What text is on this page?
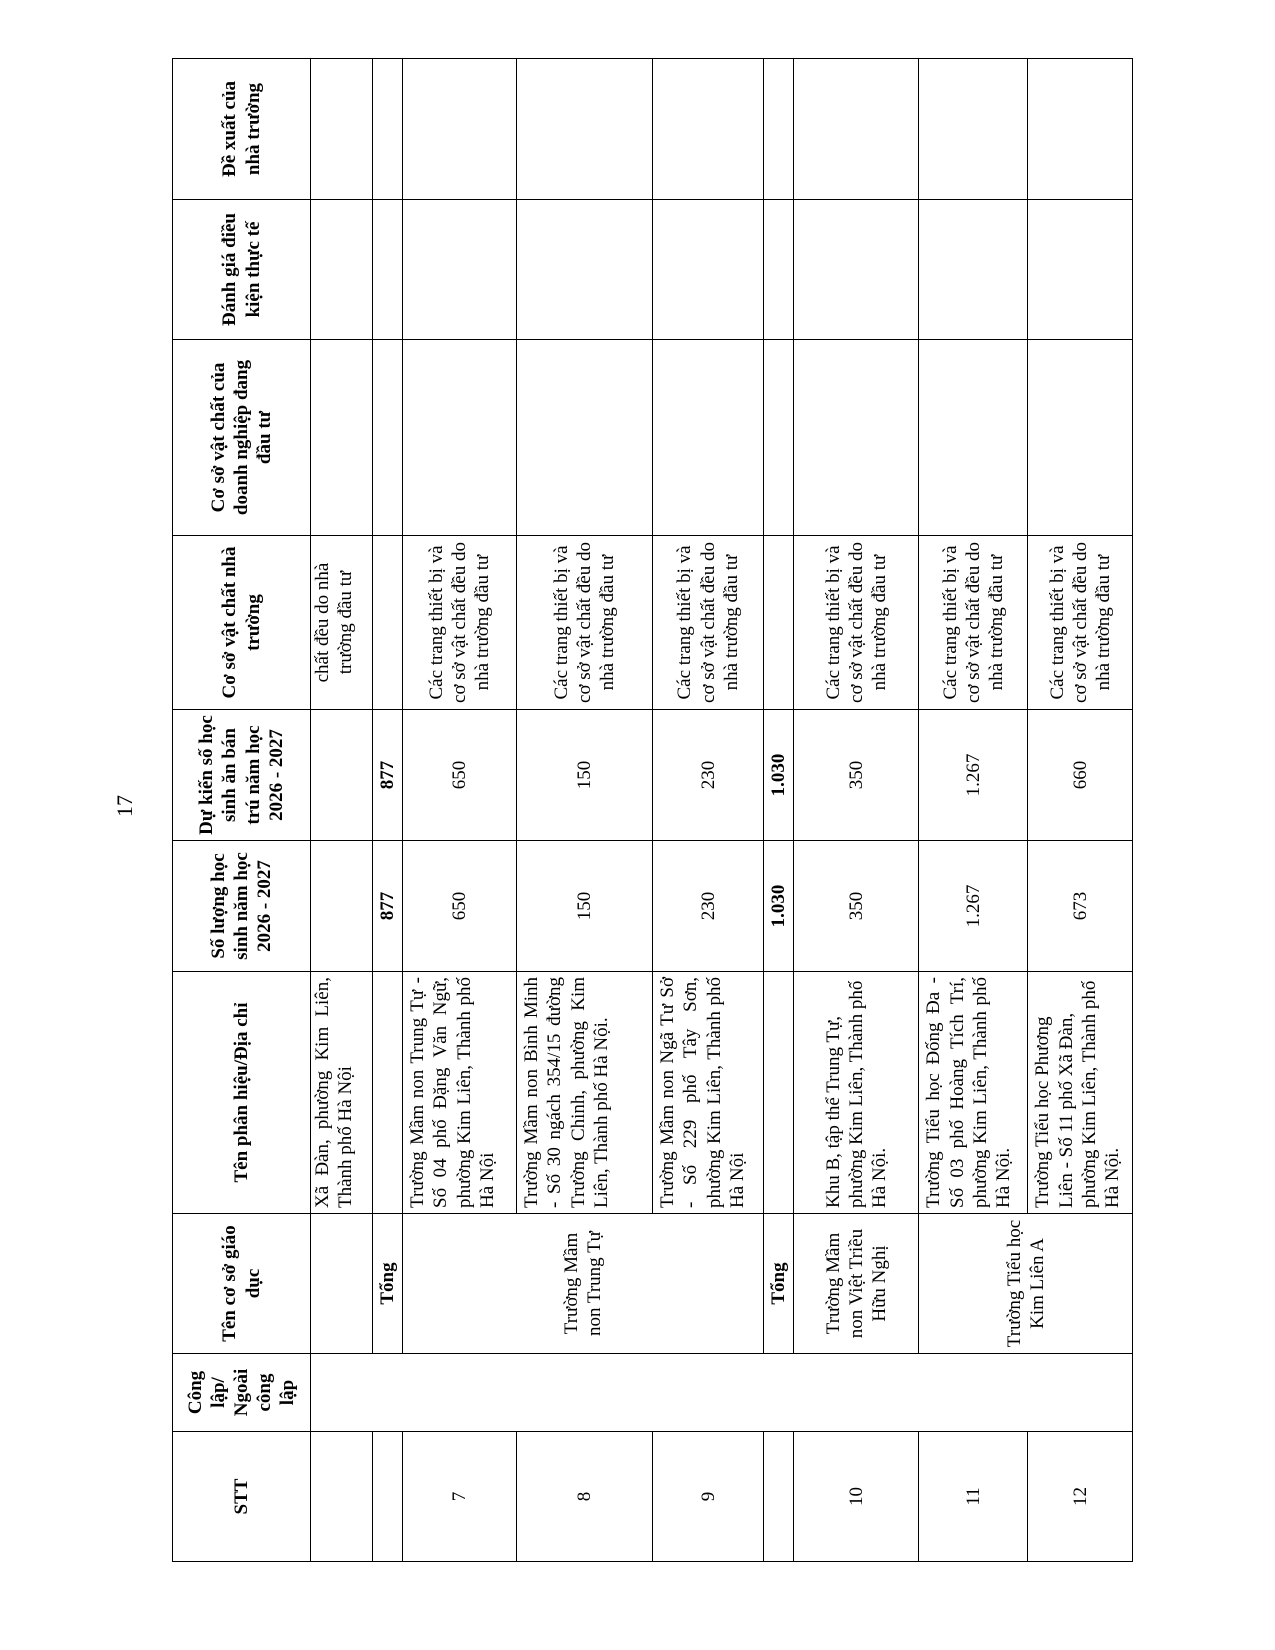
17
STT	Công lập/ Ngoài công lập	Tên cơ sở giáo dục	Tên phân hiệu/Địa chỉ	Số lượng học sinh năm học 2026 - 2027	Dự kiến số học sinh ăn bán trú năm học 2026 - 2027	Cơ sở vật chất nhà trường	Cơ sở vật chất của doanh nghiệp đang đầu tư	Đánh giá điều kiện thực tế	Đề xuất của nhà trường
			Xã Đàn, phường Kim Liên, Thành phố Hà Nội			chất đều do nhà trường đầu tư			
		Tổng		877	877				
7		Trường Mầm non Trung Tự	Trường Mầm non Trung Tự - Số 04 phố Đặng Văn Ngữ, phường Kim Liên, Thành phố Hà Nội	650	650	Các trang thiết bị và cơ sở vật chất đều do nhà trường đầu tư			
8			Trường Mầm non Bình Minh - Số 30 ngách 354/15 đường Trường Chinh, phường Kim Liên, Thành phố Hà Nội.	150	150	Các trang thiết bị và cơ sở vật chất đều do nhà trường đầu tư			
9			Trường Mầm non Ngã Tư Sở - Số 229 phố Tây Sơn, phường Kim Liên, Thành phố Hà Nội	230	230	Các trang thiết bị và cơ sở vật chất đều do nhà trường đầu tư			
		Tổng		1.030	1.030				
10		Trường Mầm non Việt Triều Hữu Nghị	Khu B, tập thể Trung Tự, phường Kim Liên, Thành phố Hà Nội.	350	350	Các trang thiết bị và cơ sở vật chất đều do nhà trường đầu tư			
11		Trường Tiểu học Kim Liên A	Trường Tiểu học Đống Đa - Số 03 phố Hoàng Tích Trí, phường Kim Liên, Thành phố Hà Nội.	1.267	1.267	Các trang thiết bị và cơ sở vật chất đều do nhà trường đầu tư			
12			Trường Tiểu học Phương Liên - Số 11 phố Xã Đàn, phường Kim Liên, Thành phố Hà Nội.	673	660	Các trang thiết bị và cơ sở vật chất đều do nhà trường đầu tư			
